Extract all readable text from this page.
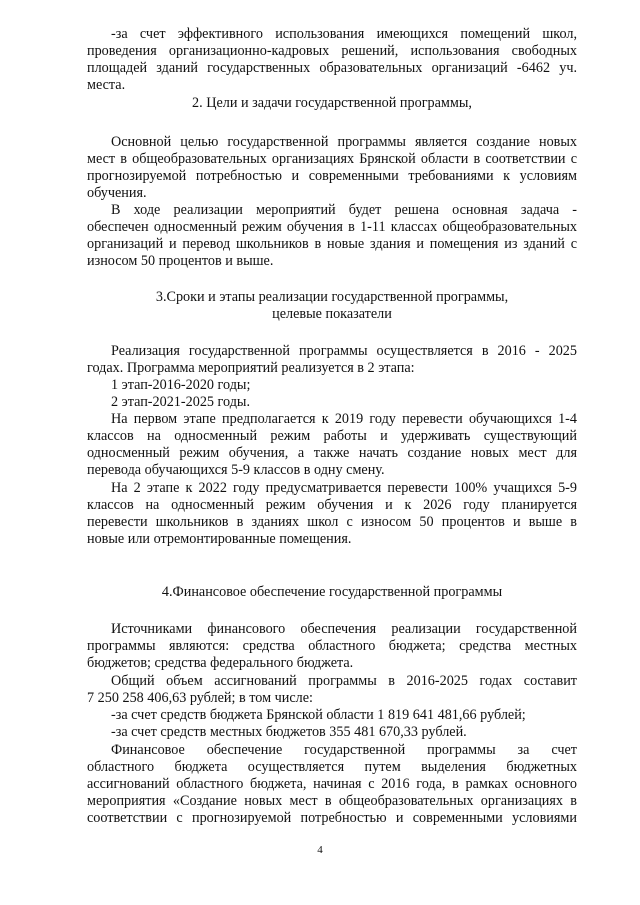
-за счет эффективного использования имеющихся помещений школ,
проведения организационно-кадровых решений, использования свободных
площадей зданий государственных образовательных организаций -6462 уч.
места.
2. Цели и задачи государственной программы,
Основной целью государственной программы является создание новых
мест в общеобразовательных организациях Брянской области в соответствии с
прогнозируемой потребностью и современными требованиями к условиям
обучения.
В ходе реализации мероприятий будет решена основная задача -
обеспечен односменный режим обучения в 1-11 классах общеобразовательных
организаций и перевод школьников в новые здания и помещения из зданий с
износом 50 процентов и выше.
3.Сроки и этапы реализации государственной программы,
целевые показатели
Реализация государственной программы осуществляется в 2016 - 2025
годах. Программа мероприятий реализуется в 2 этапа:
1 этап-2016-2020 годы;
2 этап-2021-2025 годы.
На первом этапе предполагается к 2019 году перевести обучающихся 1-4
классов на односменный режим работы и удерживать существующий
односменный режим обучения, а также начать создание новых мест для
перевода обучающихся 5-9 классов в одну смену.
На 2 этапе к 2022 году предусматривается перевести 100% учащихся 5-9
классов на односменный режим обучения и к 2026 году планируется
перевести школьников в зданиях школ с износом 50 процентов и выше в
новые или отремонтированные помещения.
4.Финансовое обеспечение государственной программы
Источниками финансового обеспечения реализации государственной
программы являются: средства областного бюджета; средства местных
бюджетов; средства федерального бюджета.
Общий объем ассигнований программы в 2016-2025 годах составит
7 250 258 406,63 рублей; в том числе:
-за счет средств бюджета Брянской области 1 819 641 481,66 рублей;
-за счет средств местных бюджетов 355 481 670,33 рублей.
Финансовое обеспечение государственной программы за счет
областного бюджета осуществляется путем выделения бюджетных
ассигнований областного бюджета, начиная с 2016 года, в рамках основного
мероприятия «Создание новых мест в общеобразовательных организациях в
соответствии с прогнозируемой потребностью и современными условиями
4
